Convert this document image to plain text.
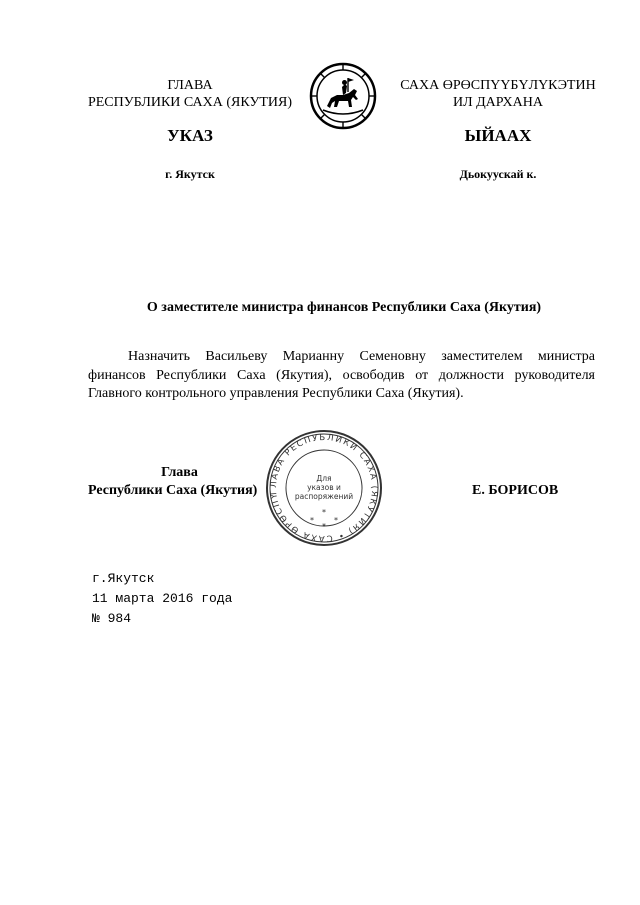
ГЛАВА
РЕСПУБЛИКИ САХА (ЯКУТИЯ)
САХА ӨРӨСПҮҮБҮЛҮКЭТИН
ИЛ ДАРХАНА
УКАЗ	ЫЙААХ
г. Якутск	Дьокуускай к.
О заместителе министра финансов Республики Саха (Якутия)
Назначить Васильеву Марианну Семеновну заместителем министра финансов Республики Саха (Якутия), освободив от должности руководителя Главного контрольного управления Республики Саха (Якутия).
Глава
Республики Саха (Якутия)	Е. БОРИСОВ
ГЛАВА РЕСПУБЛИКИ САХА (ЯКУТИЯ) • САХА ӨРӨСПҮҮБҮЛҮКЭТИН
Для
указов и
распоряжений
*
*	*
*
г.Якутск
11 марта 2016 года
№ 984
